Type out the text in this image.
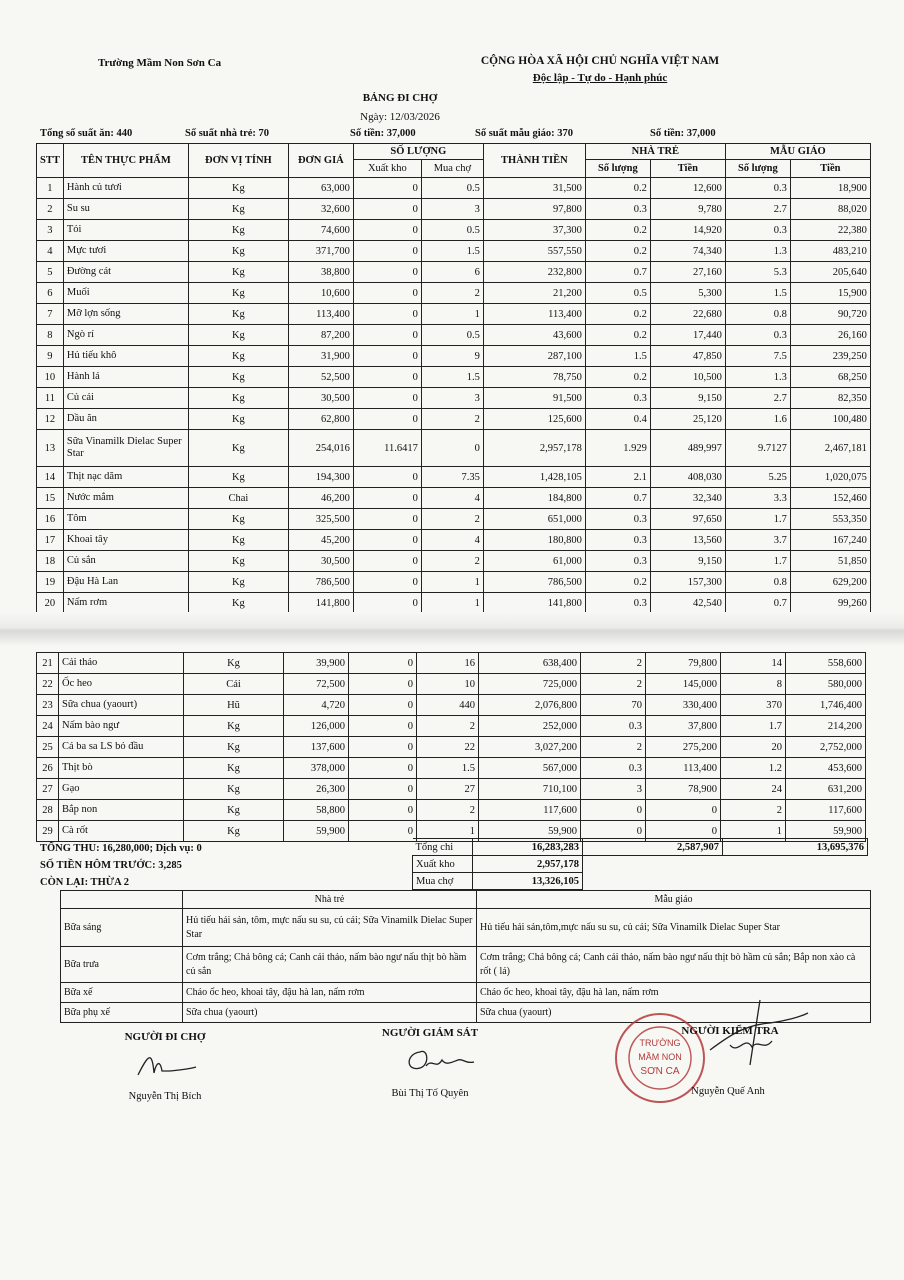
Trường Mầm Non Sơn Ca	CỘNG HÒA XÃ HỘI CHỦ NGHĨA VIỆT NAM
Độc lập - Tự do - Hạnh phúc
BẢNG ĐI CHỢ
Ngày: 12/03/2026
Tổng số suất ăn: 440	Số suất nhà trẻ: 70	Số tiền: 37,000	Số suất mẫu giáo: 370	Số tiền: 37,000
STT	TÊN THỰC PHẨM	ĐƠN VỊ TÍNH	ĐƠN GIÁ	SỐ LƯỢNG		THÀNH TIỀN	NHÀ TRẺ		MẪU GIÁO	
				Xuất kho	Mua chợ		Số lượng	Tiền	Số lượng	Tiền
1	Hành củ tươi	Kg	63,000	0	0.5	31,500	0.2	12,600	0.3	18,900
2	Su su	Kg	32,600	0	3	97,800	0.3	9,780	2.7	88,020
3	Tỏi	Kg	74,600	0	0.5	37,300	0.2	14,920	0.3	22,380
4	Mực tươi	Kg	371,700	0	1.5	557,550	0.2	74,340	1.3	483,210
5	Đường cát	Kg	38,800	0	6	232,800	0.7	27,160	5.3	205,640
6	Muối	Kg	10,600	0	2	21,200	0.5	5,300	1.5	15,900
7	Mỡ lợn sống	Kg	113,400	0	1	113,400	0.2	22,680	0.8	90,720
8	Ngò rí	Kg	87,200	0	0.5	43,600	0.2	17,440	0.3	26,160
9	Hủ tiếu khô	Kg	31,900	0	9	287,100	1.5	47,850	7.5	239,250
10	Hành lá	Kg	52,500	0	1.5	78,750	0.2	10,500	1.3	68,250
11	Củ cải	Kg	30,500	0	3	91,500	0.3	9,150	2.7	82,350
12	Dầu ăn	Kg	62,800	0	2	125,600	0.4	25,120	1.6	100,480
13	Sữa Vinamilk Dielac Super Star	Kg	254,016	11.6417	0	2,957,178	1.929	489,997	9.7127	2,467,181
14	Thịt nạc dăm	Kg	194,300	0	7.35	1,428,105	2.1	408,030	5.25	1,020,075
15	Nước mắm	Chai	46,200	0	4	184,800	0.7	32,340	3.3	152,460
16	Tôm	Kg	325,500	0	2	651,000	0.3	97,650	1.7	553,350
17	Khoai tây	Kg	45,200	0	4	180,800	0.3	13,560	3.7	167,240
18	Củ sắn	Kg	30,500	0	2	61,000	0.3	9,150	1.7	51,850
19	Đậu Hà Lan	Kg	786,500	0	1	786,500	0.2	157,300	0.8	629,200
20	Nấm rơm	Kg	141,800	0	1	141,800	0.3	42,540	0.7	99,260
21	Cải thảo	Kg	39,900	0	16	638,400	2	79,800	14	558,600
22	Ốc heo	Cái	72,500	0	10	725,000	2	145,000	8	580,000
23	Sữa chua (yaourt)	Hũ	4,720	0	440	2,076,800	70	330,400	370	1,746,400
24	Nấm bào ngư	Kg	126,000	0	2	252,000	0.3	37,800	1.7	214,200
25	Cá ba sa LS bỏ đầu	Kg	137,600	0	22	3,027,200	2	275,200	20	2,752,000
26	Thịt bò	Kg	378,000	0	1.5	567,000	0.3	113,400	1.2	453,600
27	Gạo	Kg	26,300	0	27	710,100	3	78,900	24	631,200
28	Bắp non	Kg	58,800	0	2	117,600	0	0	2	117,600
29	Cà rốt	Kg	59,900	0	1	59,900	0	0	1	59,900
TỔNG THU: 16,280,000; Dịch vụ: 0
SỐ TIỀN HÔM TRƯỚC: 3,285
CÒN LẠI: THỪA 2
Tổng chi	16,283,283	2,587,907	13,695,376
Xuất kho	2,957,178		
Mua chợ	13,326,105		
	Nhà trẻ	Mẫu giáo
Bữa sáng	Hủ tiếu hải sản, tôm, mực nấu su su, củ cải; Sữa Vinamilk Dielac Super Star	Hủ tiếu hải sản,tôm,mực nấu su su, củ cải; Sữa Vinamilk Dielac Super Star
Bữa trưa	Cơm trắng; Chả bông cá; Canh cải thảo, nấm bào ngư nấu thịt bò hầm củ sắn	Cơm trắng; Chả bông cá; Canh cải thảo, nấm bào ngư nấu thịt bò hầm củ sắn; Bắp non xào cà rốt ( lá)
Bữa xế	Cháo ốc heo, khoai tây, đậu hà lan, nấm rơm	Cháo ốc heo, khoai tây, đậu hà lan, nấm rơm
Bữa phụ xế	Sữa chua (yaourt)	Sữa chua (yaourt)
NGƯỜI ĐI CHỢ
Nguyễn Thị Bích
NGƯỜI GIÁM SÁT
Bùi Thị Tố Quyên
TRƯỜNG
MẦM NON
SƠN CA
NGƯỜI KIỂM TRA
Nguyễn Quế Anh
